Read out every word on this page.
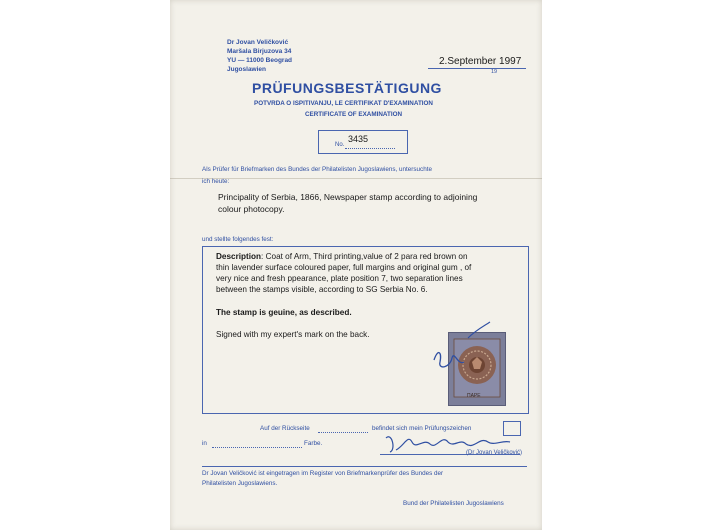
Dr Jovan Veličković
Maršala Birjuzova 34
YU — 11000 Beograd
Jugoslawien
2.September 1997
19
PRÜFUNGSBESTÄTIGUNG
POTVRDA O ISPITIVANJU, LE CERTIFIKAT D'EXAMINATION
CERTIFICATE OF EXAMINATION
No.
3435
Als Prüfer für Briefmarken des Bundes der Philatelisten Jugoslawiens, untersuchte
ich heute:
Principality of Serbia, 1866, Newspaper stamp according to adjoining
colour photocopy.
und stellte folgendes fest:
Description: Coat of Arm, Third printing,value of 2 para red brown on
thin lavender surface coloured paper, full margins and original gum , of
very nice and fresh ppearance, plate position 7, two separation lines
between the stamps visible, according to SG Serbia No. 6.
The stamp is geuine, as described.
Signed with my expert's mark on the back.
ПАРЕ
Auf der Rückseite	befindet sich mein Prüfungszeichen
in	Farbe.
(Dr Jovan Veličković)
Dr Jovan Veličković ist eingetragen im Register von Briefmarkenprüfer des Bundes der
Philatelisten Jugoslawiens.
Bund der Philatelisten Jugoslawiens
